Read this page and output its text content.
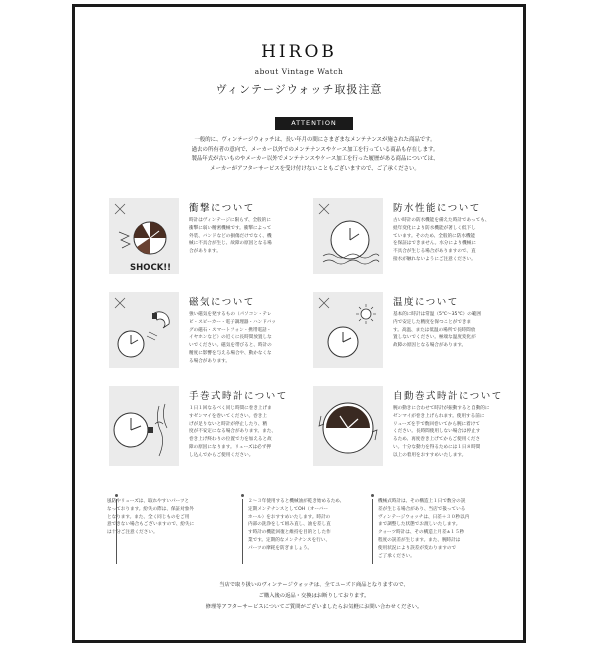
HIROB
about Vintage Watch
ヴィンテージウォッチ取扱注意
ATTENTION
一般的に、ヴィンテージウォッチは、長い年月の間にさまざまなメンテナンスが施された商品です。
過去の所有者の意向で、メーカー以外でのメンテナンスやケース加工を行っている商品も存在します。
製品年式が古いものやメーカー以外でメンテナンスやケース加工を行った履歴がある商品については、
メーカーがアフターサービスを受け付けないこともございますので、ご了承ください。
SHOCK!!
衝撃について
時計はヴィンテージに限らず、全般的に
衝撃に弱い精密機械です。衝撃によって
外装、バンドなどの損傷だけでなく、機
械に不具合が生じ、故障の原因となる場
合があります。
防水性能について
古い時計の防水機能を備えた時計であっても、
経年変化により防水機能が著しく低下し
ています。そのため、全般的に防水機能
を保証はできません。水分により機械に
不具合が生じる場合がありますので、直
接水が触れないようにご注意ください。
磁気について
強い磁気を発するもの（パソコン・テレ
ビ・スピーカー・電子調理器・ハンドバッ
グの磁石・スマートフォン・携帯電話・
イヤホンなど）の近くに長時間放置しな
いでください。磁気を帯びると、時計の
精度に影響を与える場合や、動かなくな
る場合があります。
温度について
基本的に時計は常温（5℃〜35℃）の範囲
内で安定した精度を保つことができま
す。高温、または低温の場所で長時間放
置しないでください。極端な温度変化が
故障の原因となる場合があります。
手巻式時計について
１日１回なるべく同じ時間に巻き上げま
すゼンマイを巻いてください。巻き上
げが足りないと時計が停止したり、精
度が不安定になる場合があります。また、
巻き上げ終わりの位置で力を加えると故
障の原因になります。リューズは必ず押
し込んでからご使用ください。
自動巻式時計について
腕の動きに合わせて時計が振動すると自動的に
ゼンマイが巻き上げられます。使用する前に
リューズを手で数回巻いてから腕に着けて
ください。長時間使用しない場合は停止す
るため、再度巻き上げてからご使用くださ
い。十分な動力を得るためには１日８時間
以上の着用をおすすめいたします。
風防やリューズは、取れやすいパーツと
なっております。紛失の際は、保証対象外
となります。また、全く同じものをご用
意できない場合もございますので、紛失に
は十分ご注意ください。
２〜３年使用すると機械油が乾き始めるため、
定期メンテナンスとしてOH（オーバー
ホール）をおすすめいたします。時計の
内部の洗浄をして組み直し、油を差し直
す時計の機能回復と維持を目的とした作
業です。定期的なメンテナンスを行い、
パーツの摩耗を防ぎましょう。
機械式時計は、その構造上１日で数分の誤
差が生じる場合があり、当店で扱っている
ヴィンテージウォッチは、日差＋３０秒以内
まで調整した状態でお渡しいたします。
クォーツ時計は、その構造上月差±１５秒
程度の誤差が生じます。また、腕時計は
使用状況により誤差が変わりますので
ご了承ください。
当店で取り扱いのヴィンテージウォッチは、全てユーズド商品となりますので、
ご購入後の返品・交換はお断りしております。
修理等アフターサービスについてご質問がございましたらお気軽にお問い合わせください。
